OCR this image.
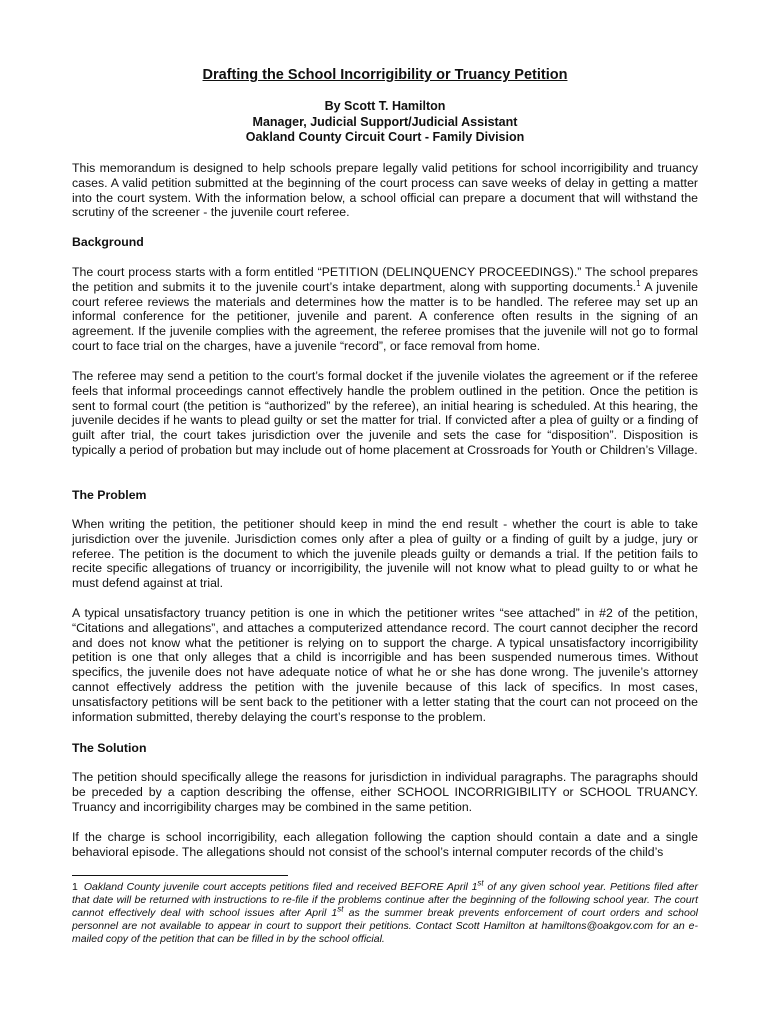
Drafting the School Incorrigibility or Truancy Petition
By Scott T. Hamilton
Manager, Judicial Support/Judicial Assistant
Oakland County Circuit Court - Family Division

This memorandum is designed to help schools prepare legally valid petitions for school incorrigibility and truancy cases. A valid petition submitted at the beginning of the court process can save weeks of delay in getting a matter into the court system. With the information below, a school official can prepare a document that will withstand the scrutiny of the screener - the juvenile court referee.

Background

The court process starts with a form entitled “PETITION (DELINQUENCY PROCEEDINGS).” The school prepares the petition and submits it to the juvenile court’s intake department, along with supporting documents.$^1$ A juvenile court referee reviews the materials and determines how the matter is to be handled. The referee may set up an informal conference for the petitioner, juvenile and parent. A conference often results in the signing of an agreement. If the juvenile complies with the agreement, the referee promises that the juvenile will not go to formal court to face trial on the charges, have a juvenile “record”, or face removal from home.

The referee may send a petition to the court’s formal docket if the juvenile violates the agreement or if the referee feels that informal proceedings cannot effectively handle the problem outlined in the petition. Once the petition is sent to formal court (the petition is “authorized” by the referee), an initial hearing is scheduled. At this hearing, the juvenile decides if he wants to plead guilty or set the matter for trial. If convicted after a plea of guilty or a finding of guilt after trial, the court takes jurisdiction over the juvenile and sets the case for “disposition”. Disposition is typically a period of probation but may include out of home placement at Crossroads for Youth or Children’s Village.

The Problem

When writing the petition, the petitioner should keep in mind the end result - whether the court is able to take jurisdiction over the juvenile. Jurisdiction comes only after a plea of guilty or a finding of guilt by a judge, jury or referee. The petition is the document to which the juvenile pleads guilty or demands a trial. If the petition fails to recite specific allegations of truancy or incorrigibility, the juvenile will not know what to plead guilty to or what he must defend against at trial.

A typical unsatisfactory truancy petition is one in which the petitioner writes “see attached” in #2 of the petition, “Citations and allegations”, and attaches a computerized attendance record. The court cannot decipher the record and does not know what the petitioner is relying on to support the charge. A typical unsatisfactory incorrigibility petition is one that only alleges that a child is incorrigible and has been suspended numerous times. Without specifics, the juvenile does not have adequate notice of what he or she has done wrong. The juvenile’s attorney cannot effectively address the petition with the juvenile because of this lack of specifics. In most cases, unsatisfactory petitions will be sent back to the petitioner with a letter stating that the court can not proceed on the information submitted, thereby delaying the court’s response to the problem.

The Solution

The petition should specifically allege the reasons for jurisdiction in individual paragraphs. The paragraphs should be preceded by a caption describing the offense, either SCHOOL INCORRIGIBILITY or SCHOOL TRUANCY. Truancy and incorrigibility charges may be combined in the same petition.

If the charge is school incorrigibility, each allegation following the caption should contain a date and a single behavioral episode. The allegations should not consist of the school’s internal computer records of the child’s

1 Oakland County juvenile court accepts petitions filed and received BEFORE April 1st of any given school year. Petitions filed after that date will be returned with instructions to re-file if the problems continue after the beginning of the following school year. The court cannot effectively deal with school issues after April 1st as the summer break prevents enforcement of court orders and school personnel are not available to appear in court to support their petitions. Contact Scott Hamilton at hamiltons@oakgov.com for an e-mailed copy of the petition that can be filled in by the school official.
